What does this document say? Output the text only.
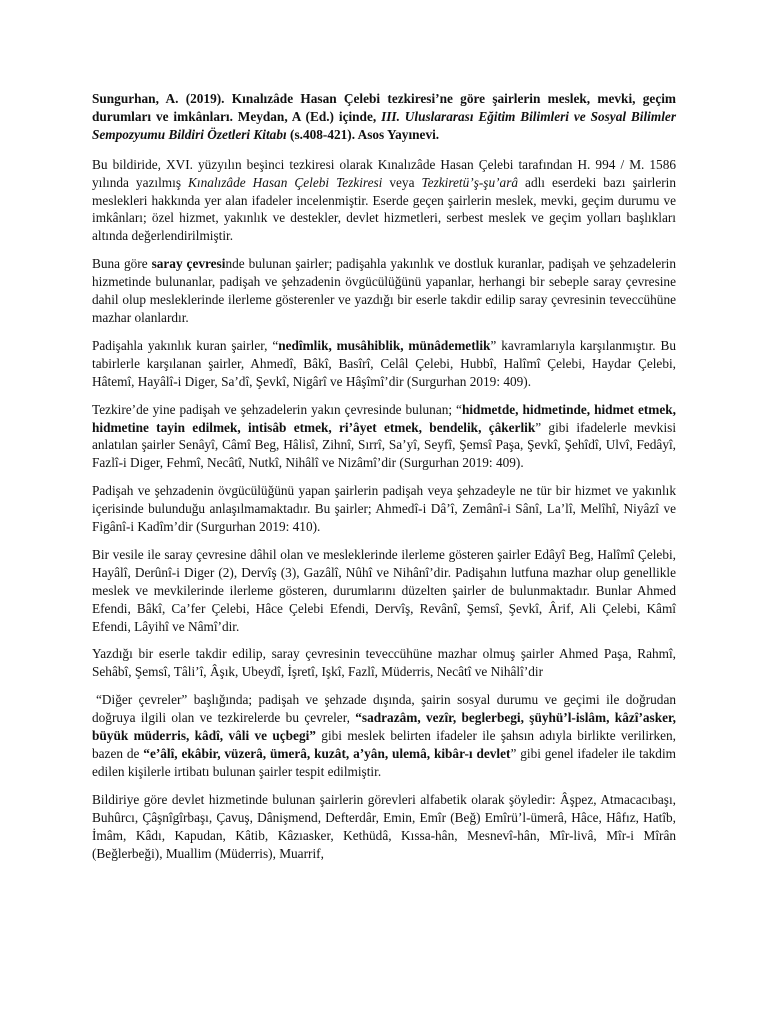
Sungurhan, A. (2019). Kınalızâde Hasan Çelebi tezkiresi’ne göre şairlerin meslek, mevki, geçim durumları ve imkânları. Meydan, A (Ed.) içinde, III. Uluslararası Eğitim Bilimleri ve Sosyal Bilimler Sempozyumu Bildiri Özetleri Kitabı (s.408-421). Asos Yayınevi.

Bu bildiride, XVI. yüzyılın beşinci tezkiresi olarak Kınalızâde Hasan Çelebi tarafından H. 994 / M. 1586 yılında yazılmış Kınalızâde Hasan Çelebi Tezkiresi veya Tezkiretü’ş-şu’arâ adlı eserdeki bazı şairlerin meslekleri hakkında yer alan ifadeler incelenmiştir. Eserde geçen şairlerin meslek, mevki, geçim durumu ve imkânları; özel hizmet, yakınlık ve destekler, devlet hizmetleri, serbest meslek ve geçim yolları başlıkları altında değerlendirilmiştir.

Buna göre saray çevresinde bulunan şairler; padişahla yakınlık ve dostluk kuranlar, padişah ve şehzadelerin hizmetinde bulunanlar, padişah ve şehzadenin övgücülüğünü yapanlar, herhangi bir sebeple saray çevresine dahil olup mesleklerinde ilerleme gösterenler ve yazdığı bir eserle takdir edilip saray çevresinin teveccühüne mazhar olanlardır.

Padişahla yakınlık kuran şairler, “nedîmlik, musâhiblik, münâdemetlik” kavramlarıyla karşılanmıştır. Bu tabirlerle karşılanan şairler, Ahmedî, Bâkî, Basîrî, Celâl Çelebi, Hubbî, Halîmî Çelebi, Haydar Çelebi, Hâtemî, Hayâlî-i Diger, Sa’dî, Şevkî, Nigârî ve Hâşîmî’dir (Surgurhan 2019: 409).

Tezkire’de yine padişah ve şehzadelerin yakın çevresinde bulunan; “hidmetde, hidmetinde, hidmet etmek, hidmetine tayin edilmek, intisâb etmek, ri’âyet etmek, bendelik, çâkerlik” gibi ifadelerle mevkisi anlatılan şairler Senâyî, Câmî Beg, Hâlisî, Zihnî, Sırrî, Sa’yî, Seyfî, Şemsî Paşa, Şevkî, Şehîdî, Ulvî, Fedâyî, Fazlî-i Diger, Fehmî, Necâtî, Nutkî, Nihâlî ve Nizâmî’dir (Surgurhan 2019: 409).

Padişah ve şehzadenin övgücülüğünü yapan şairlerin padişah veya şehzadeyle ne tür bir hizmet ve yakınlık içerisinde bulunduğu anlaşılmamaktadır. Bu şairler; Ahmedî-i Dâ’î, Zemânî-i Sânî, La’lî, Melîhî, Niyâzî ve Figânî-i Kadîm’dir (Surgurhan 2019: 410).

Bir vesile ile saray çevresine dâhil olan ve mesleklerinde ilerleme gösteren şairler Edâyî Beg, Halîmî Çelebi, Hayâlî, Derûnî-i Diger (2), Dervîş (3), Gazâlî, Nûhî ve Nihânî’dir. Padişahın lutfuna mazhar olup genellikle meslek ve mevkilerinde ilerleme gösteren, durumlarını düzelten şairler de bulunmaktadır. Bunlar Ahmed Efendi, Bâkî, Ca’fer Çelebi, Hâce Çelebi Efendi, Dervîş, Revânî, Şemsî, Şevkî, Ârif, Ali Çelebi, Kâmî Efendi, Lâyihî ve Nâmî’dir.

Yazdığı bir eserle takdir edilip, saray çevresinin teveccühüne mazhar olmuş şairler Ahmed Paşa, Rahmî, Sehâbî, Şemsî, Tâli’î, Âşık, Ubeydî, İşretî, Işkî, Fazlî, Müderris, Necâtî ve Nihâlî’dir

“Diğer çevreler” başlığında; padişah ve şehzade dışında, şairin sosyal durumu ve geçimi ile doğrudan doğruya ilgili olan ve tezkirelerde bu çevreler, “sadrazâm, vezîr, beglerbegi, şüyhü’l-islâm, kâzî’asker, büyük müderris, kâdî, vâli ve uçbegi” gibi meslek belirten ifadeler ile şahsın adıyla birlikte verilirken, bazen de “e’âlî, ekâbir, vüzerâ, ümerâ, kuzât, a’yân, ulemâ, kibâr-ı devlet” gibi genel ifadeler ile takdim edilen kişilerle irtibatı bulunan şairler tespit edilmiştir.

Bildiriye göre devlet hizmetinde bulunan şairlerin görevleri alfabetik olarak şöyledir: Âşpez, Atmacacıbaşı, Buhûrcı, Çâşnîgîrbaşı, Çavuş, Dânişmend, Defterdâr, Emin, Emîr (Beğ) Emîrü’l-ümerâ, Hâce, Hâfız, Hatîb, İmâm, Kâdı, Kapudan, Kâtib, Kâzıasker, Kethüdâ, Kıssa-hân, Mesnevî-hân, Mîr-livâ, Mîr-i Mîrân (Beğlerbeği), Muallim (Müderris), Muarrif,
